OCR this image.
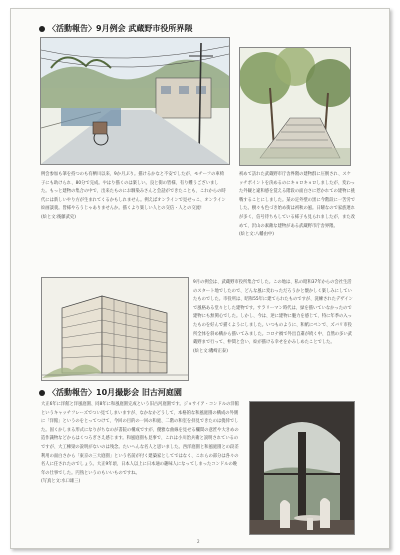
〈活動報告〉9月例会 武蔵野市役所界隈

例会参加も筆を持つのも有栖川以来、9か月ぶり。描けるかなと不安でしたが、モチーフの車椅子にも助けられ、80分で完成。やはり描くのは楽しい。良と街の皆様、有り難うございました。もっと建物の集合の中で、出来たものにお馴染みさんと会話ができたことも、これからの時代には新しいやり方が生まれてくるかもしれません。例えばオンラインで見せっこ、オンライン絵画談義。皆様やろうじゃありませんか。描くより楽しい人との交信・人との交流!

(絵と文:後藤武史)

初めて訪れた武蔵野市庁舎界隈の建物群に圧倒され、スケッチポイントを決めるのにキョロキョロしましたが、変わった外観と違和感を覚える階段の面白さに惹かれての建物に挑戦することにしました。某の定外壁の黒に今階段に一苦労でした。樹々も色づき始め街は初秋の風。日曜なので家族連れが多く、信号待ちもしている様子も見られましたが、また改めて、沢山の素敵な建物がある武蔵野市庁舎界隈。

(絵と文:八幡由中)

9月の例会は、武蔵野市役所集合でした。この地は、私の昭和37年からの会社生活のスタート地でしたので、どんな風に変わっただろうかと懐かしく楽しみにしていたものでした。市役所は、昭和55年に建てられたものですが、洗練されたデザインで風格ある堂々とした建物です。サラリーマン時代は、緑を描いていなかったので建物にも無関心でした。しかし、今は、逆に建物に魅力を感じて、特に年季の入ったものを好んで描くようにしました。いつものように、和紙にペンで、ズバリ市役所全体を斜め構から描いてみました。コロナ禍で外出自粛が続く中、自然の多い武蔵野まで行って、仲間と会い、絵が描ける幸せをかみしめたことでした。

(絵と文:磯崎正泰)

〈活動報告〉10月撮影会 旧古河庭園

大正6年に洋館と洋風庭園、同8年に和風庭園完成という旧古河庭園です。ジョサイア・コンドルの洋館というキャッチフレーズでつい見てしまいますが、なかなかどうして、本格的な和風庭園の構成の外側に「洋館」というのをとってつけて、今回の目的の一回の和庭、二階の和室を拝見できたのは僥倖でした。固くかしまる形式になりがちなのが書院の構成ですが、優雅な曲線を見せる欄間の意匠や大きめの造作識物などからはくつろぎさえ感じます。和風庭園も見事で、これは小川治兵衛と説明されているのですが、大工棟梁の説明がないのは残念。たいへんな名人と思いました。西洋庭園と和風庭園との段差利用の面白さから「東京の三大庭園」という名前が付く建築家としてではなく、これらの部分は各々の名人に任されたのでしょう。大正9年頃、日本人以上に日本通の趣味人になってしまったコンドルの晩年の仕事でした。円熟というのもいいものですね。

(写真と文:水口雄三)

2
